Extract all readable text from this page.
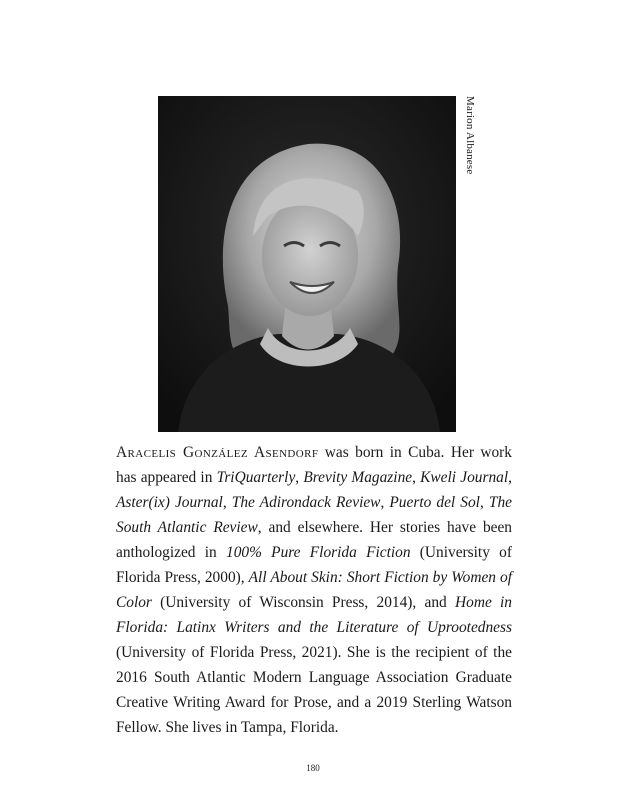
Marion Albanese

Aracelis González Asendorf was born in Cuba. Her work has appeared in TriQuarterly, Brevity Magazine, Kweli Journal, Aster(ix) Journal, The Adirondack Review, Puerto del Sol, The South Atlantic Review, and elsewhere. Her stories have been anthologized in 100% Pure Florida Fiction (University of Florida Press, 2000), All About Skin: Short Fiction by Women of Color (University of Wisconsin Press, 2014), and Home in Florida: Latinx Writers and the Literature of Uprootedness (University of Florida Press, 2021). She is the recipient of the 2016 South Atlantic Modern Language Association Graduate Creative Writing Award for Prose, and a 2019 Sterling Watson Fellow. She lives in Tampa, Florida.

180
